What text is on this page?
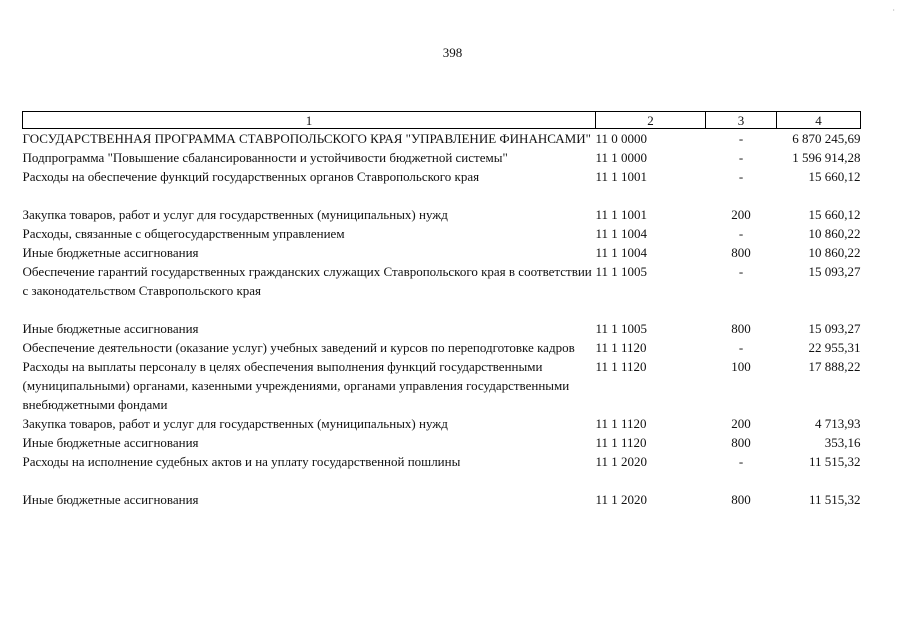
·
398
1	2	3	4
ГОСУДАРСТВЕННАЯ ПРОГРАММА СТАВРОПОЛЬСКОГО КРАЯ "УПРАВЛЕНИЕ ФИНАНСАМИ"	11 0 0000	-	6 870 245,69
Подпрограмма "Повышение сбалансированности и устойчивости бюджетной системы"	11 1 0000	-	1 596 914,28
Расходы на обеспечение функций государственных органов Ставропольского края	11 1 1001	-	15 660,12
Закупка товаров, работ и услуг для государственных (муниципальных) нужд	11 1 1001	200	15 660,12
Расходы, связанные с общегосударственным управлением	11 1 1004	-	10 860,22
Иные бюджетные ассигнования	11 1 1004	800	10 860,22
Обеспечение гарантий государственных гражданских служащих Ставропольского края в соответствии с законодательством Ставропольского края	11 1 1005	-	15 093,27
Иные бюджетные ассигнования	11 1 1005	800	15 093,27
Обеспечение деятельности (оказание услуг) учебных заведений и курсов по переподготовке кадров	11 1 1120	-	22 955,31
Расходы на выплаты персоналу в целях обеспечения выполнения функций государственными (муниципальными) органами, казенными учреждениями, органами управления государственными внебюджетными фондами	11 1 1120	100	17 888,22
Закупка товаров, работ и услуг для государственных (муниципальных) нужд	11 1 1120	200	4 713,93
Иные бюджетные ассигнования	11 1 1120	800	353,16
Расходы на исполнение судебных актов и на уплату государственной пошлины	11 1 2020	-	11 515,32
Иные бюджетные ассигнования	11 1 2020	800	11 515,32
